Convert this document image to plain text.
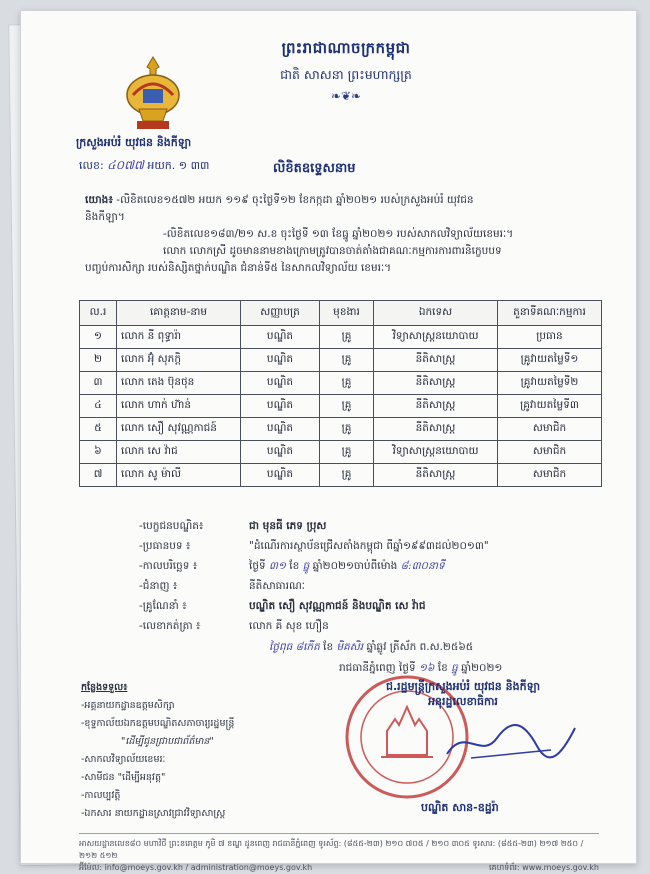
ព្រះរាជាណាចក្រកម្ពុជា
ជាតិ សាសនា ព្រះមហាក្សត្រ
❧❦❧
ក្រសួងអប់រំ យុវជន និងកីឡា
លេខ: ៤០៧៧ អយក. ១ ៣៣	លិខិតឧទ្ទេសនាម

យោង៖ -លិខិតលេខ១៥៧២ អយក ១១៩ ចុះថ្ងៃទី១២ ខែកក្កដា ឆ្នាំ២០២១ របស់ក្រសួងអប់រំ យុវជន

និងកីឡា។

-លិខិតលេខ១៨៣/២១ ស.ខ ចុះថ្ងៃទី ១៣ ខែធ្នូ ឆ្នាំ២០២១ របស់សាកលវិទ្យាល័យខេមរៈ។

លោក លោកស្រី ដូចមាននាមខាងក្រោមត្រូវបានចាត់តាំងជាគណៈកម្មការការពារនិក្ខេបបទ

បញ្ចប់ការសិក្សា របស់និស្សិតថ្នាក់បណ្ឌិត ជំនាន់ទី៥ នៃសាកលវិទ្យាល័យ ខេមរៈ។

ល.រ	គោត្តនាម-នាម	សញ្ញាបត្រ	មុខងារ	ឯកទេស	តួនាទីគណៈកម្មការ
១	លោក នី ពុទ្ធារ៉ា	បណ្ឌិត	គ្រូ	វិទ្យាសាស្ត្រនយោបាយ	ប្រធាន
២	លោក អ៊ុំ សុភក្តិ	បណ្ឌិត	គ្រូ	នីតិសាស្ត្រ	គ្រូវាយតម្លៃទី១
៣	លោក តេង ប៊ុនថុន	បណ្ឌិត	គ្រូ	នីតិសាស្ត្រ	គ្រូវាយតម្លៃទី២
៤	លោក ហាក់ ហ៊ាន់	បណ្ឌិត	គ្រូ	នីតិសាស្ត្រ	គ្រូវាយតម្លៃទី៣
៥	លោក សឿ សុវណ្ណកាជន៍	បណ្ឌិត	គ្រូ	នីតិសាស្ត្រ	សមាជិក
៦	លោក សេ វ៉ាជ	បណ្ឌិត	គ្រូ	វិទ្យាសាស្ត្រនយោបាយ	សមាជិក
៧	លោក សូ ម៉ាលី	បណ្ឌិត	គ្រូ	នីតិសាស្ត្រ	សមាជិក
-បេក្ខជនបណ្ឌិត៖	ជា មុនធី ភេទ ប្រុស
-ប្រធានបទ ៖	"ដំណើរការស្ថាប័នជ្រើសតាំងកម្ពុជា ពីឆ្នាំ១៩៩៣ដល់២០១៣"
-កាលបរិច្ឆេទ ៖	ថ្ងៃទី ៣១ ខែ ធ្នូ ឆ្នាំ២០២១ចាប់ពីម៉ោង ៨:៣០នាទី
-ជំនាញ ៖	នីតិសាធារណៈ
-គ្រូណែនាំ ៖	បណ្ឌិត សឿ សុវណ្ណកាជន៍ និងបណ្ឌិត សេ វ៉ាជ
-លេខាកត់ត្រា ៖	លោក គី សុខ ហឿន
ថ្ងៃពុធ ៨កើត ខែ មិគសិរ ឆ្នាំឆ្លូវ ត្រីស័ក ព.ស.២៥៦៥
រាជធានីភ្នំពេញ ថ្ងៃទី ១៦ ខែ ធ្នូ ឆ្នាំ២០២១
ជ.រដ្ឋមន្ត្រីក្រសួងអប់រំ យុវជន និងកីឡា
អនុរដ្ឋលេខាធិការ
បណ្ឌិត សាន-ឧដ្ឋរ៉ា
កន្លែងទទួល៖
-អគ្គនាយកដ្ឋានឧត្តមសិក្សា
-ខុទ្ទកាល័យឯកឧត្តមបណ្ឌិតសភាចារ្យរដ្ឋមន្ត្រី
"ដើម្បីជូនជ្រាបជាព័ត៌មាន"
-សាកលវិទ្យាល័យខេមរៈ
-សាមីជន "ដើម្បីអនុវត្ត"
-កាលប្បវត្តិ
-ឯកសារ នាយកដ្ឋានស្រាវជ្រាវវិទ្យាសាស្ត្រ
អាសយដ្ឋានលេខ៨០ មហាវិថី ព្រះនរោត្តម ភូមិ ៧ ខណ្ឌ ដូនពេញ រាជធានីភ្នំពេញ ទូរស័ព្ទ: (៨៥៥-២៣) ២១០ ៧០៥ / ២១០ ៣០៥ ទូរសារ: (៨៥៥-២៣) ២១៧ ២៥០ / ២១២ ៥១២
អ៊ីម៉ែល: info@moeys.gov.kh / administration@moeys.gov.kh	គេហទំព័រ: www.moeys.gov.kh
